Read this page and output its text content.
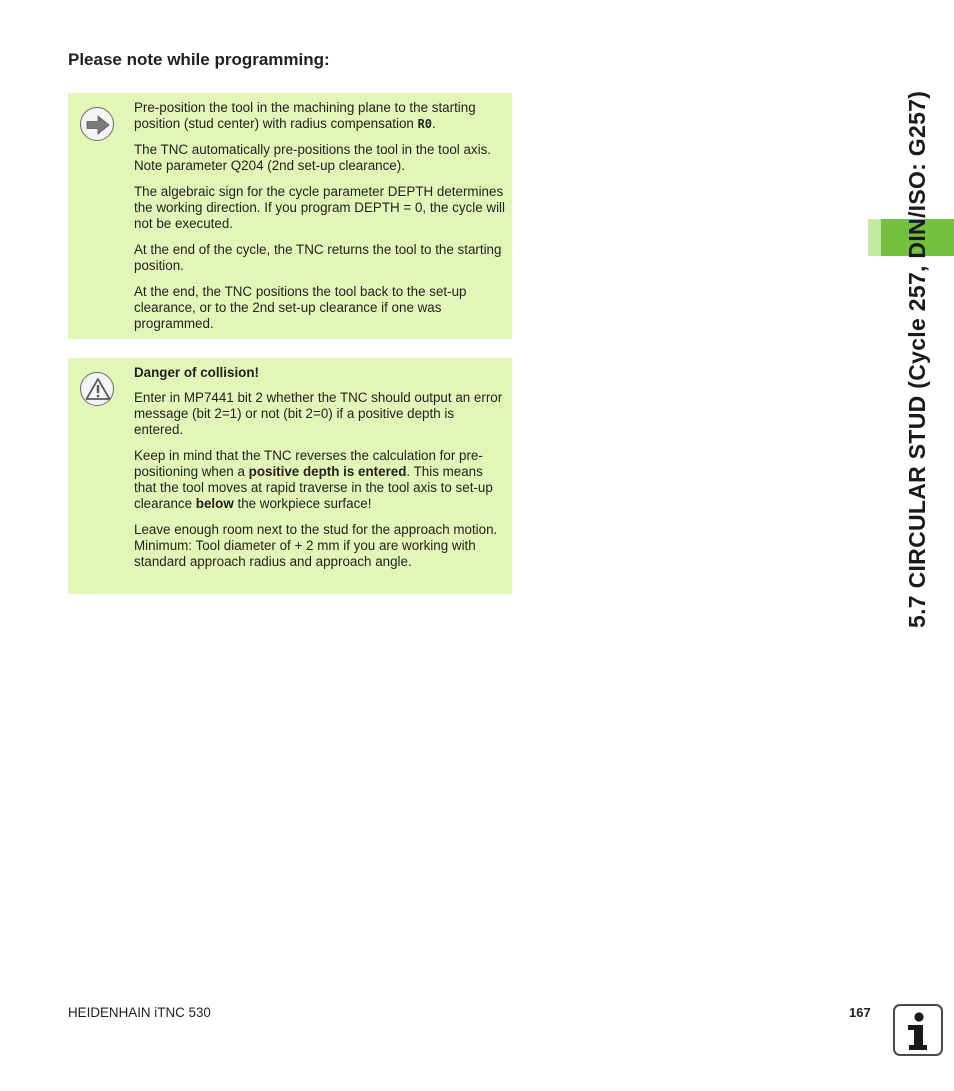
Please note while programming:

Pre-position the tool in the machining plane to the starting position (stud center) with radius compensation R0.

The TNC automatically pre-positions the tool in the tool axis. Note parameter Q204 (2nd set-up clearance).

The algebraic sign for the cycle parameter DEPTH determines the working direction. If you program DEPTH = 0, the cycle will not be executed.

At the end of the cycle, the TNC returns the tool to the starting position.

At the end, the TNC positions the tool back to the set-up clearance, or to the 2nd set-up clearance if one was programmed.

Danger of collision!

Enter in MP7441 bit 2 whether the TNC should output an error message (bit 2=1) or not (bit 2=0) if a positive depth is entered.

Keep in mind that the TNC reverses the calculation for pre-positioning when a positive depth is entered. This means that the tool moves at rapid traverse in the tool axis to set-up clearance below the workpiece surface!

Leave enough room next to the stud for the approach motion. Minimum: Tool diameter of + 2 mm if you are working with standard approach radius and approach angle.	5.7 CIRCULAR STUD (Cycle 257, DIN/ISO: G257)
HEIDENHAIN iTNC 530	167
